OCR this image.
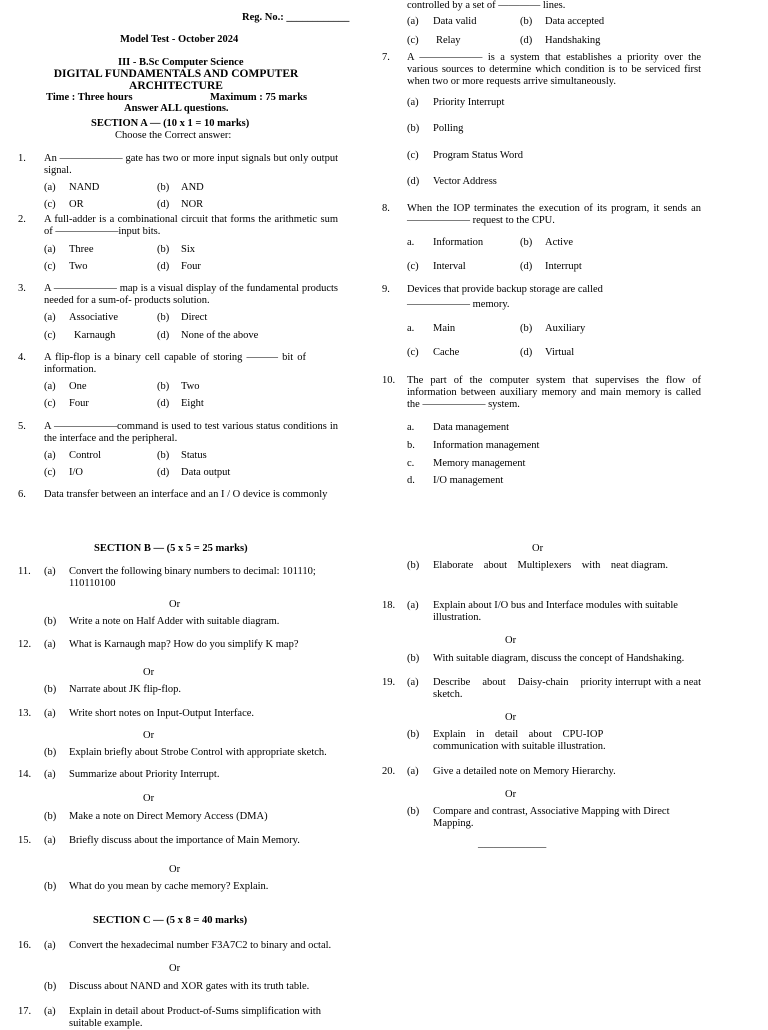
Reg. No.: ____________
Model Test - October 2024
III - B.Sc Computer Science
DIGITAL FUNDAMENTALS AND COMPUTER ARCHITECTURE
Time : Three hours	Maximum : 75 marks
Answer ALL questions.
SECTION A — (10 x 1 = 10 marks)
Choose the Correct answer:
1. An —————— gate has two or more input signals but only output signal.
(a) NAND	(b) AND
(c) OR	(d) NOR
2. A full-adder is a combinational circuit that forms the arithmetic sum of ——————input bits.
(a) Three	(b) Six
(c) Two	(d) Four
3. A —————— map is a visual display of the fundamental products needed for a sum-of- products solution.
(a) Associative	(b) Direct
(c) Karnaugh	(d) None of the above
4. A flip-flop is a binary cell capable of storing ——— bit of information.
(a) One	(b) Two
(c) Four	(d) Eight
5. A ——————command is used to test various status conditions in the interface and the peripheral.
(a) Control	(b) Status
(c) I/O	(d) Data output
6. Data transfer between an interface and an I / O device is commonly
controlled by a set of ———— lines.
(a) Data valid	(b) Data accepted
(c) Relay	(d) Handshaking
7. A —————— is a system that establishes a priority over the various sources to determine which condition is to be serviced first when two or more requests arrive simultaneously.
(a) Priority Interrupt
(b) Polling
(c) Program Status Word
(d) Vector Address
8. When the IOP terminates the execution of its program, it sends an —————— request to the CPU.
a. Information	(b) Active
(c) Interval	(d) Interrupt
9. Devices that provide backup storage are called
—————— memory.
a. Main	(b) Auxiliary
(c) Cache	(d) Virtual
10. The part of the computer system that supervises the flow of information between auxiliary memory and main memory is called the —————— system.
a. Data management
b. Information management
c. Memory management
d. I/O management
SECTION B — (5 x 5 = 25 marks)
11. (a) Convert the following binary numbers to decimal: 101110; 110110100
Or
(b) Write a note on Half Adder with suitable diagram.
12. (a) What is Karnaugh map? How do you simplify K map?
Or
(b) Narrate about JK flip-flop.
13. (a) Write short notes on Input-Output Interface.
Or
(b) Explain briefly about Strobe Control with appropriate sketch.
14. (a) Summarize about Priority Interrupt.
Or
(b) Make a note on Direct Memory Access (DMA)
15. (a) Briefly discuss about the importance of Main Memory.
Or
(b) What do you mean by cache memory? Explain.
SECTION C — (5 x 8 = 40 marks)
16. (a) Convert the hexadecimal number F3A7C2 to binary and octal.
Or
(b) Discuss about NAND and XOR gates with its truth table.
17. (a) Explain in detail about Product-of-Sums simplification with suitable example.
Or
(b) Elaborate    about    Multiplexers    with    neat diagram.
18. (a) Explain about I/O bus and Interface modules with suitable illustration.
Or
(b) With suitable diagram, discuss the concept of Handshaking.
19. (a) Describe    about    Daisy-chain    priority interrupt with a neat sketch.
Or
(b) Explain    in    detail    about    CPU-IOP communication with suitable illustration.
20. (a) Give a detailed note on Memory Hierarchy.
Or
(b) Compare and contrast, Associative Mapping with Direct Mapping.
_____________
